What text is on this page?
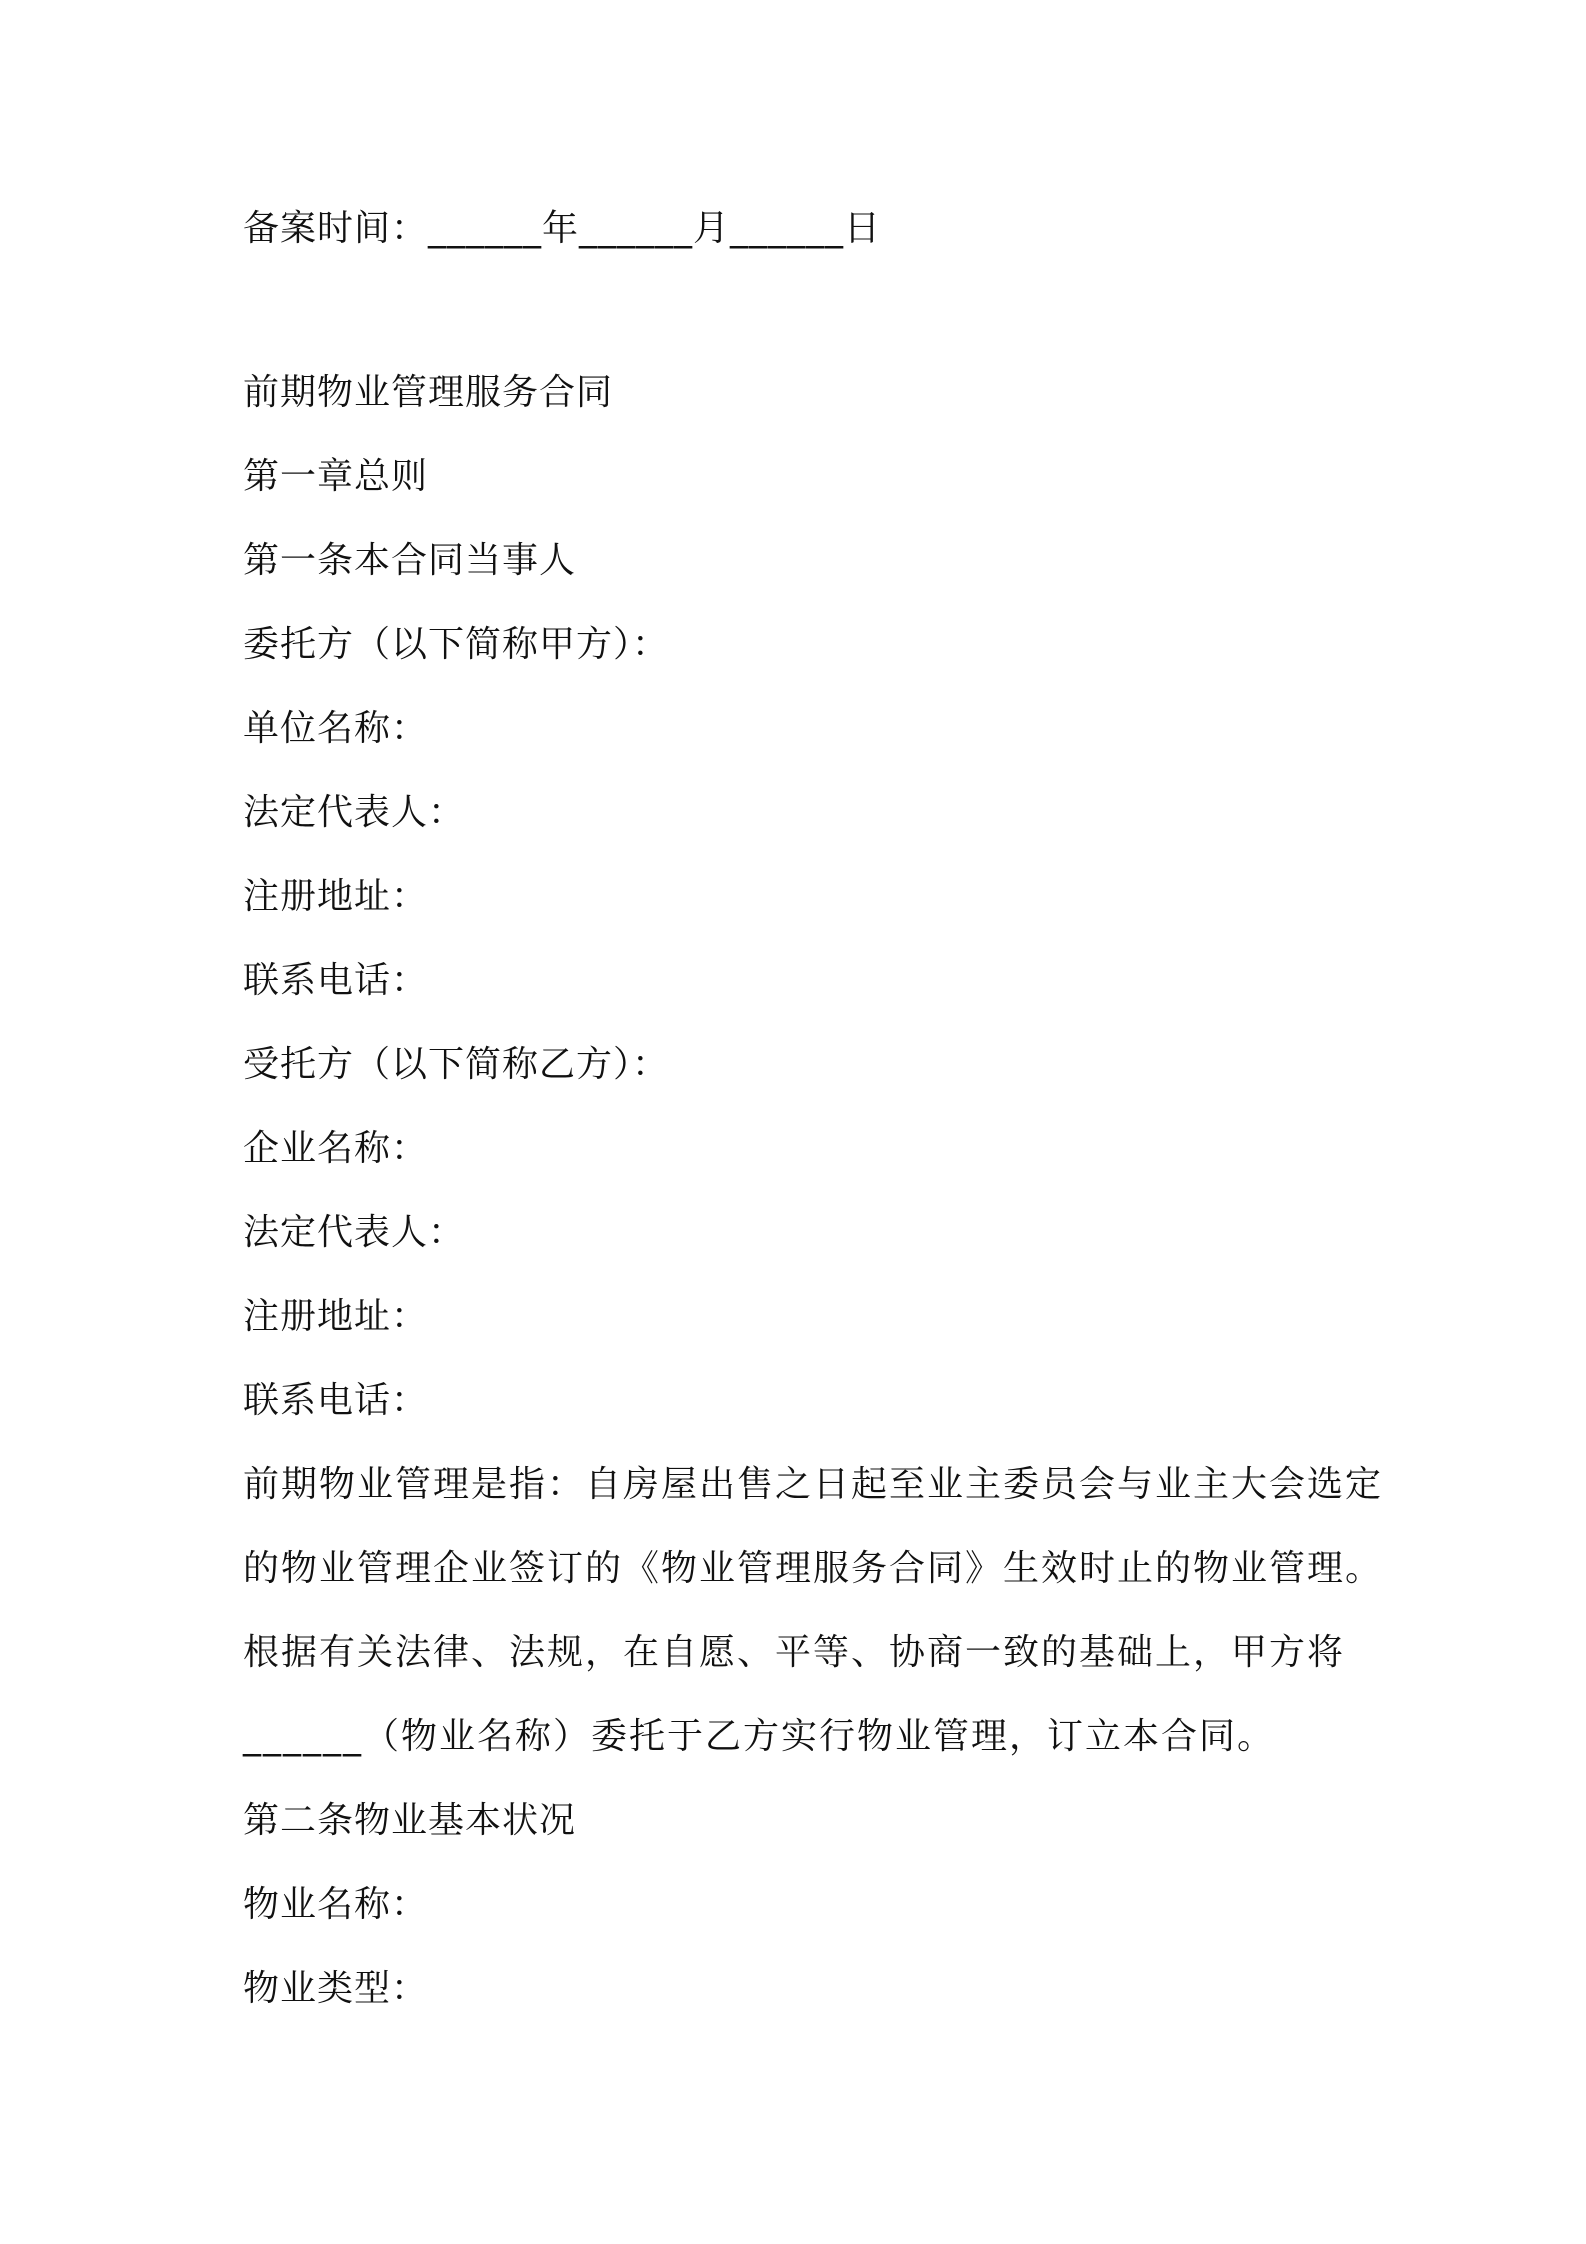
备案时间：______年______月______日
前期物业管理服务合同
第一章总则
第一条本合同当事人
委托方（以下简称甲方）：
单位名称：
法定代表人：
注册地址：
联系电话：
受托方（以下简称乙方）：
企业名称：
法定代表人：
注册地址：
联系电话：
前期物业管理是指：自房屋出售之日起至业主委员会与业主大会选定
的物业管理企业签订的《物业管理服务合同》生效时止的物业管理。
根据有关法律、法规，在自愿、平等、协商一致的基础上，甲方将
______（物业名称）委托于乙方实行物业管理，订立本合同。
第二条物业基本状况
物业名称：
物业类型：
